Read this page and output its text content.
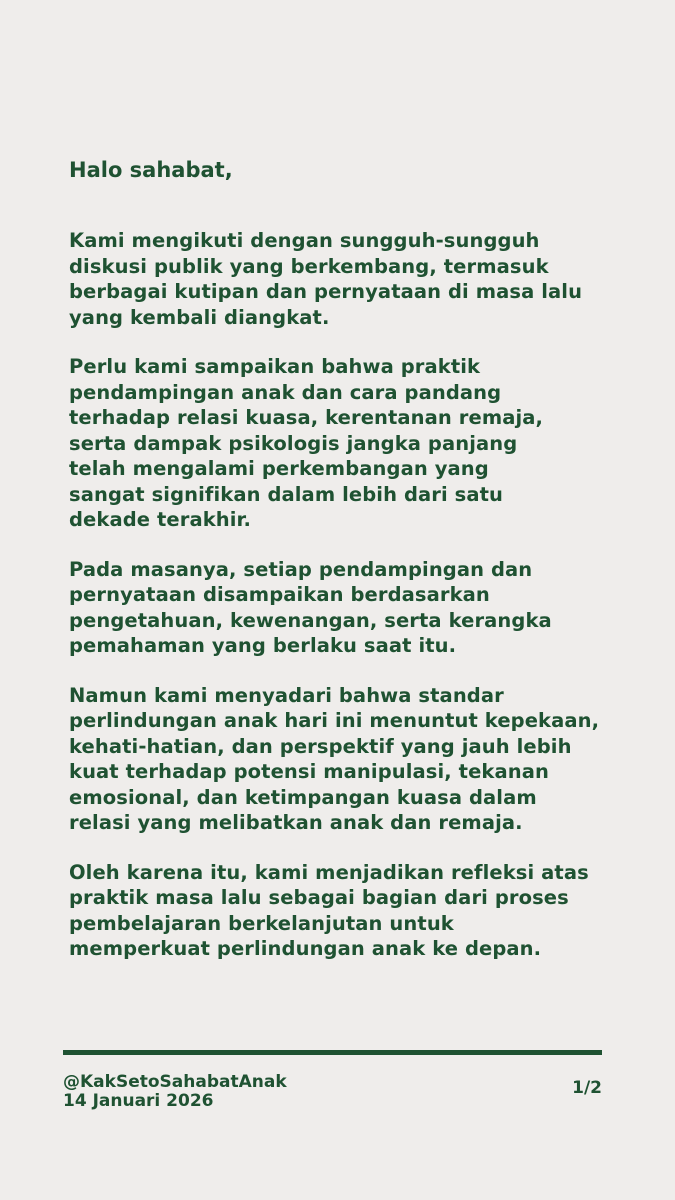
Halo sahabat,

Kami mengikuti dengan sungguh-sungguh
diskusi publik yang berkembang, termasuk
berbagai kutipan dan pernyataan di masa lalu
yang kembali diangkat.

Perlu kami sampaikan bahwa praktik
pendampingan anak dan cara pandang
terhadap relasi kuasa, kerentanan remaja,
serta dampak psikologis jangka panjang
telah mengalami perkembangan yang
sangat signifikan dalam lebih dari satu
dekade terakhir.

Pada masanya, setiap pendampingan dan
pernyataan disampaikan berdasarkan
pengetahuan, kewenangan, serta kerangka
pemahaman yang berlaku saat itu.

Namun kami menyadari bahwa standar
perlindungan anak hari ini menuntut kepekaan,
kehati-hatian, dan perspektif yang jauh lebih
kuat terhadap potensi manipulasi, tekanan
emosional, dan ketimpangan kuasa dalam
relasi yang melibatkan anak dan remaja.

Oleh karena itu, kami menjadikan refleksi atas
praktik masa lalu sebagai bagian dari proses
pembelajaran berkelanjutan untuk
memperkuat perlindungan anak ke depan.

@KakSetoSahabatAnak
14 Januari 2026
1/2
